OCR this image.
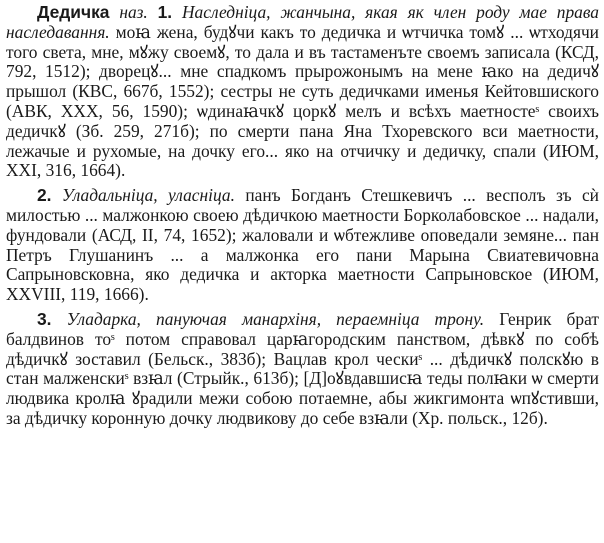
Дедичка наз. 1. Наследніца, жанчына, якая як член роду мае права наследавання. моꙗ жена, будꙋчи какъ то дедичка и ѡтчичка томꙋ ... ѡтходячи того света, мне, мꙋжу своемꙋ, то дала и въ тастаменъте своемъ записала (КСД, 792, 1512); дворецꙋ... мне спадкомъ прырожонымъ на мене ꙗко на дедичꙋ прышол (КВС, 667б, 1552); сестры не суть дедичками именья Кейтовшиского (АВК, XXX, 56, 1590); ѡдинаꙗчкꙋ цоркꙋ мелъ и всѣхъ маетностеˢ своихъ дедичкꙋ (Зб. 259, 271б); по смерти пана Яна Тхоревского вси маетности, лежачые и рухомые, на дочку его... яко на отчичку и дедичку, спали (ИЮМ, XXI, 316, 1664).

2. Уладальніца, уласніца. панъ Богданъ Стешкевичъ ... весполъ зъ сѝ милостью ... малжонкою своею дѣдичкою маетности Борколабовское ... надали, фундовали (АСД, II, 74, 1652); жаловали и ѡбтежливе оповедали земяне... пан Петръ Глушанинъ ... а малжонка его пани Марына Свиатевичовна Сапрыновсковна, яко дедичка и акторка маетности Сапрыновское (ИЮМ, XXVIII, 119, 1666).

3. Уладарка, пануючая манархіня, пераемніца трону. Генрик брат балдвинов тоˢ потом справовал царꙗгородским панством, дѣвкꙋ по собѣ дѣдичкꙋ зоставил (Бельск., 383б); Вацлав крол ческиˢ ... дѣдичкꙋ полскꙋю в стан малженскиˢ взꙗл (Стрыйк., 613б); [Д]оꙋвдавшисꙗ теды полꙗки ѡ смерти людвика кролꙗ ꙋрадили межи собою потаемне, абы жикгимонта ѡпꙋстивши, за дѣдичку коронную дочку людвикову до себе взꙗли (Хр. польск., 12б).
